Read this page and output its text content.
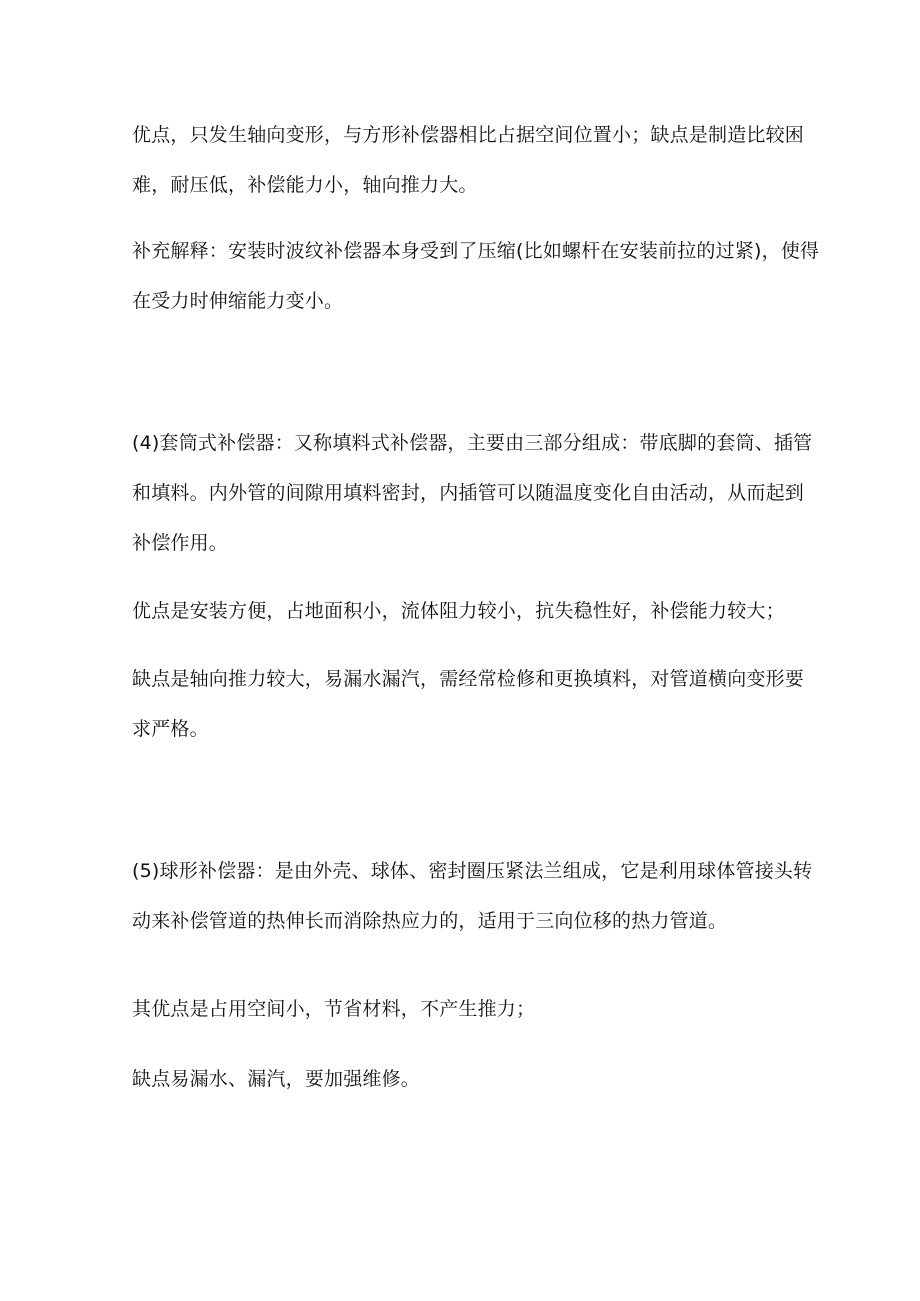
优点，只发生轴向变形，与方形补偿器相比占据空间位置小；缺点是制造比较困难，耐压低，补偿能力小，轴向推力大。

补充解释：安装时波纹补偿器本身受到了压缩(比如螺杆在安装前拉的过紧)，使得在受力时伸缩能力变小。

(4)套筒式补偿器：又称填料式补偿器，主要由三部分组成：带底脚的套筒、插管和填料。内外管的间隙用填料密封，内插管可以随温度变化自由活动，从而起到补偿作用。

优点是安装方便，占地面积小，流体阻力较小，抗失稳性好，补偿能力较大；

缺点是轴向推力较大，易漏水漏汽，需经常检修和更换填料，对管道横向变形要求严格。

(5)球形补偿器：是由外壳、球体、密封圈压紧法兰组成，它是利用球体管接头转动来补偿管道的热伸长而消除热应力的，适用于三向位移的热力管道。

其优点是占用空间小，节省材料，不产生推力；

缺点易漏水、漏汽，要加强维修。
